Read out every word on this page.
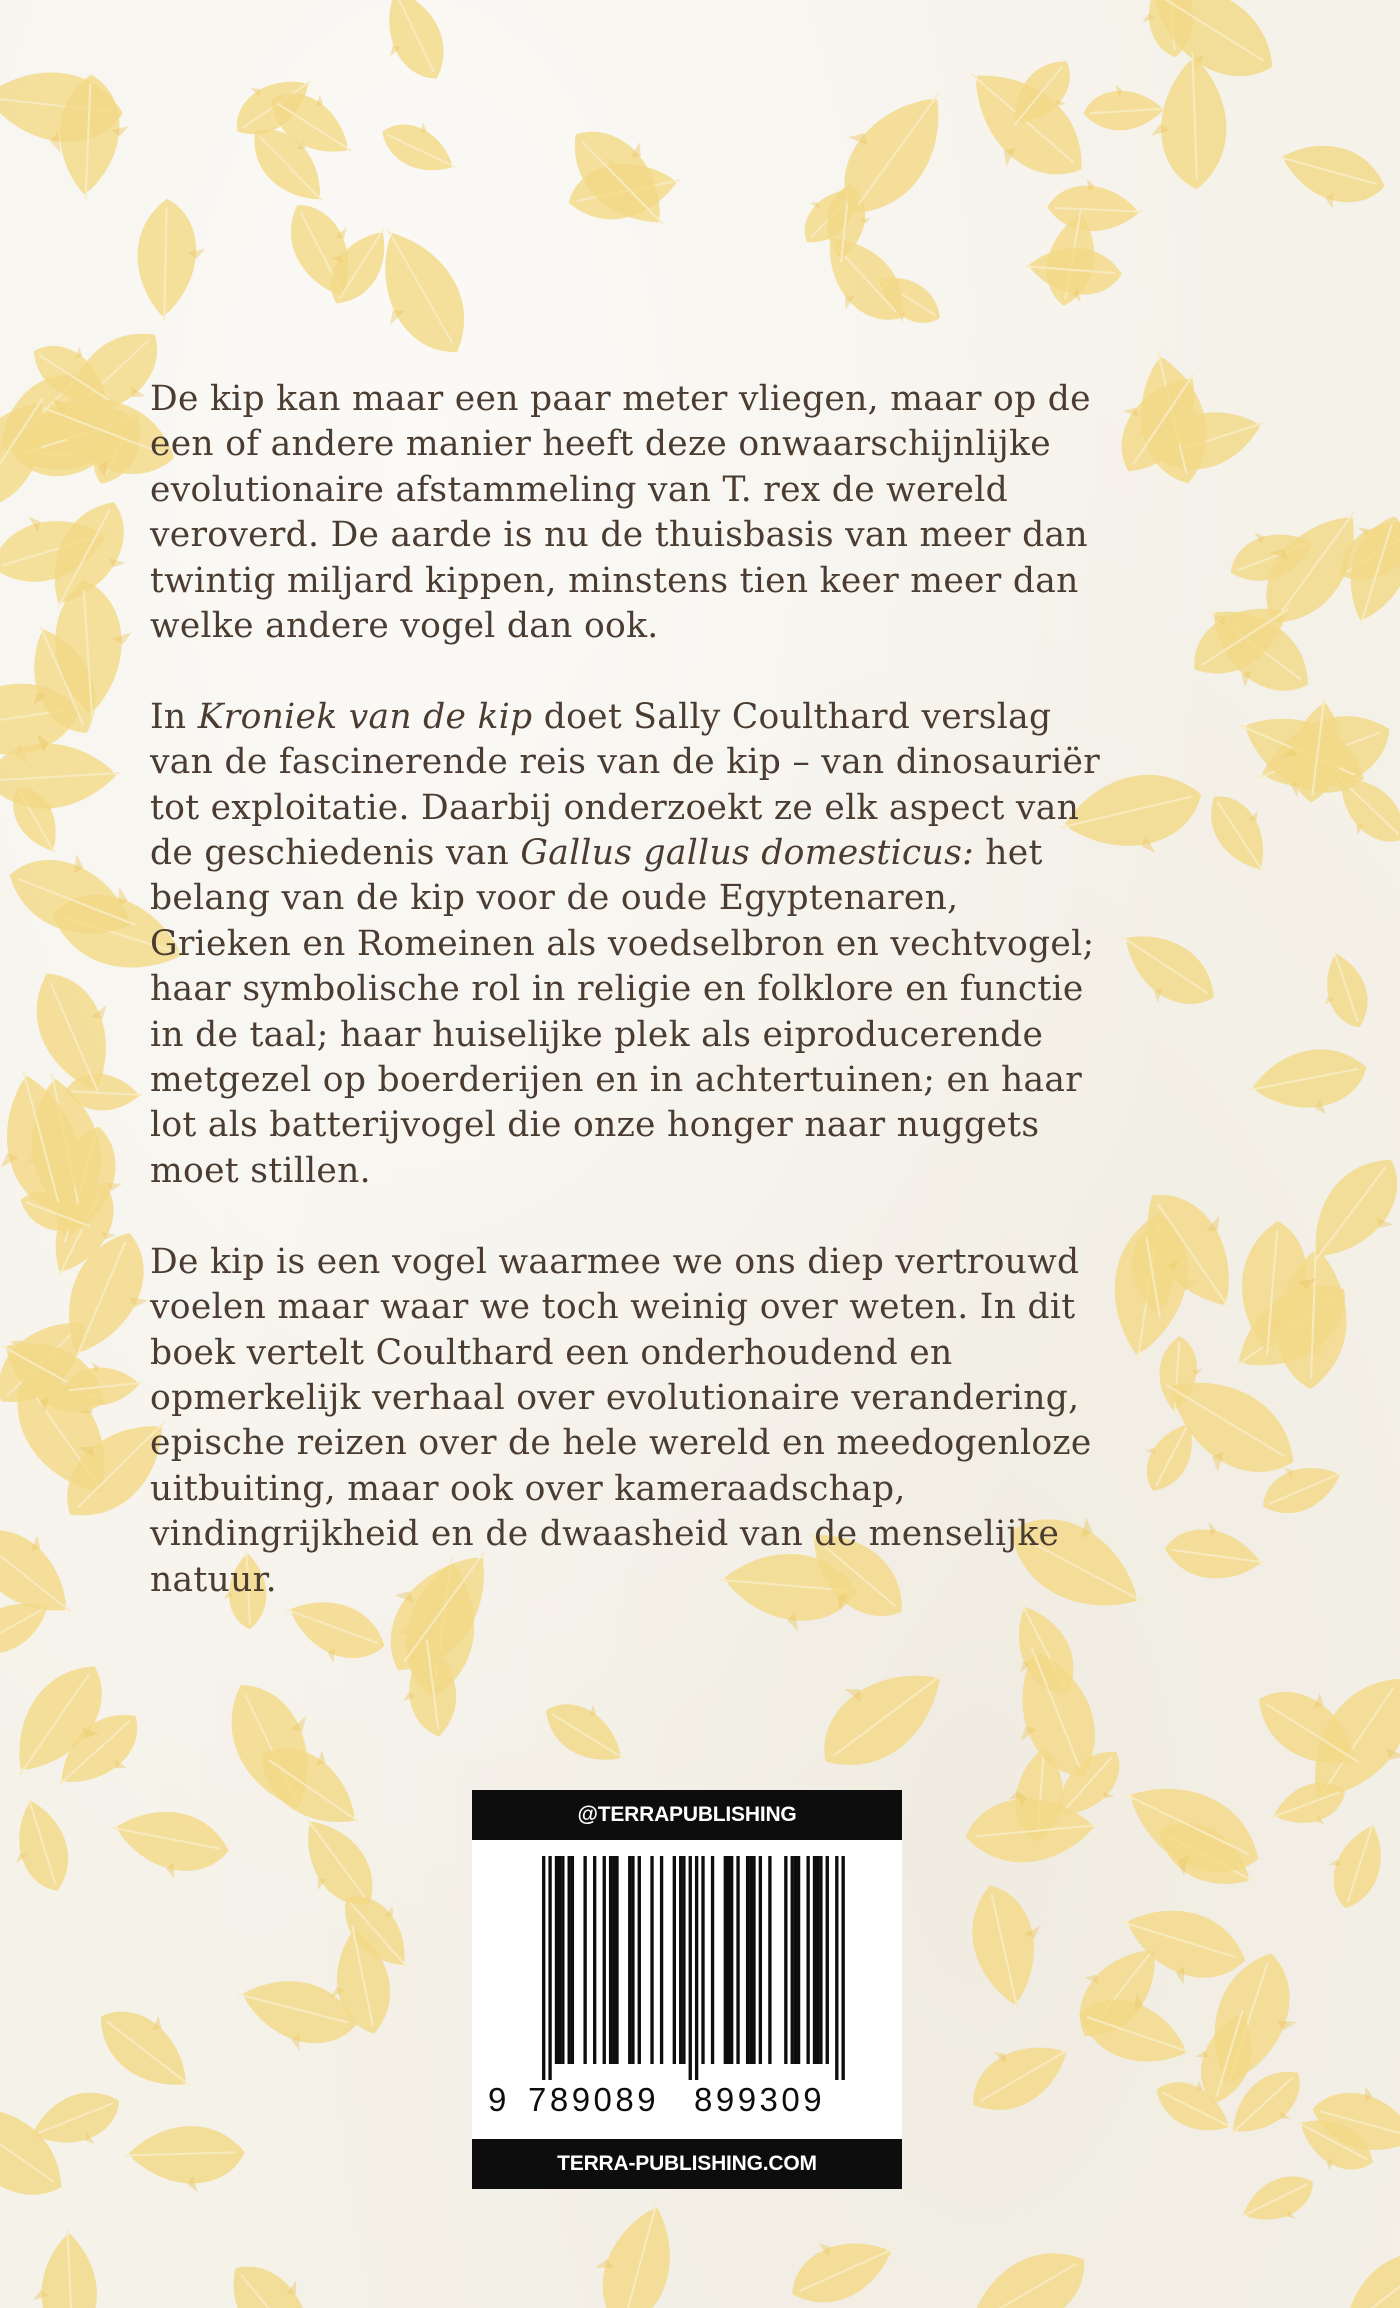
De kip kan maar een paar meter vliegen, maar op de een of andere manier heeft deze onwaarschijnlijke evolutionaire afstammeling van T. rex de wereld veroverd. De aarde is nu de thuisbasis van meer dan twintig miljard kippen, minstens tien keer meer dan welke andere vogel dan ook.

In Kroniek van de kip doet Sally Coulthard verslag van de fascinerende reis van de kip – van dinosauriër tot exploitatie. Daarbij onderzoekt ze elk aspect van de geschiedenis van Gallus gallus domesticus: het belang van de kip voor de oude Egyptenaren, Grieken en Romeinen als voedselbron en vechtvogel; haar symbolische rol in religie en folklore en functie in de taal; haar huiselijke plek als eiproducerende metgezel op boerderijen en in achtertuinen; en haar lot als batterijvogel die onze honger naar nuggets moet stillen.

De kip is een vogel waarmee we ons diep vertrouwd voelen maar waar we toch weinig over weten. In dit boek vertelt Coulthard een onderhoudend en opmerkelijk verhaal over evolutionaire verandering, epische reizen over de hele wereld en meedogenloze uitbuiting, maar ook over kameraadschap, vindingrijkheid en de dwaasheid van de menselijke natuur.

@TERRAPUBLISHING
9 789089 899309
TERRA-PUBLISHING.COM
